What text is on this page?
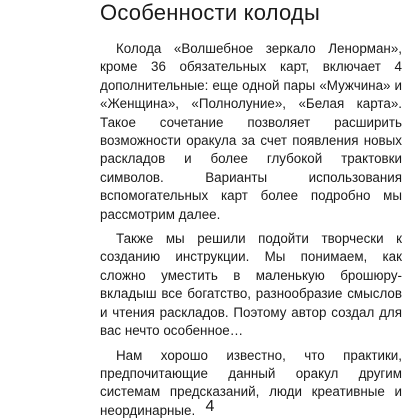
Особенности колоды

Колода «Волшебное зеркало Ленорман», кроме 36 обязательных карт, включает 4 дополнительные: еще одной пары «Мужчина» и «Женщина», «Полнолуние», «Белая карта». Такое сочетание позволяет расширить возможности оракула за счет появления новых раскладов и более глубокой трактовки символов. Варианты использования вспомогательных карт более подробно мы рассмотрим далее.

Также мы решили подойти творчески к созданию инструкции. Мы понимаем, как сложно уместить в маленькую брошюру-вкладыш все богатство, разнообразие смыслов и чтения раскладов. Поэтому автор создал для вас нечто особенное…

Нам хорошо известно, что практики, предпочитающие данный оракул другим системам предсказаний, люди креативные и неординарные. 4
